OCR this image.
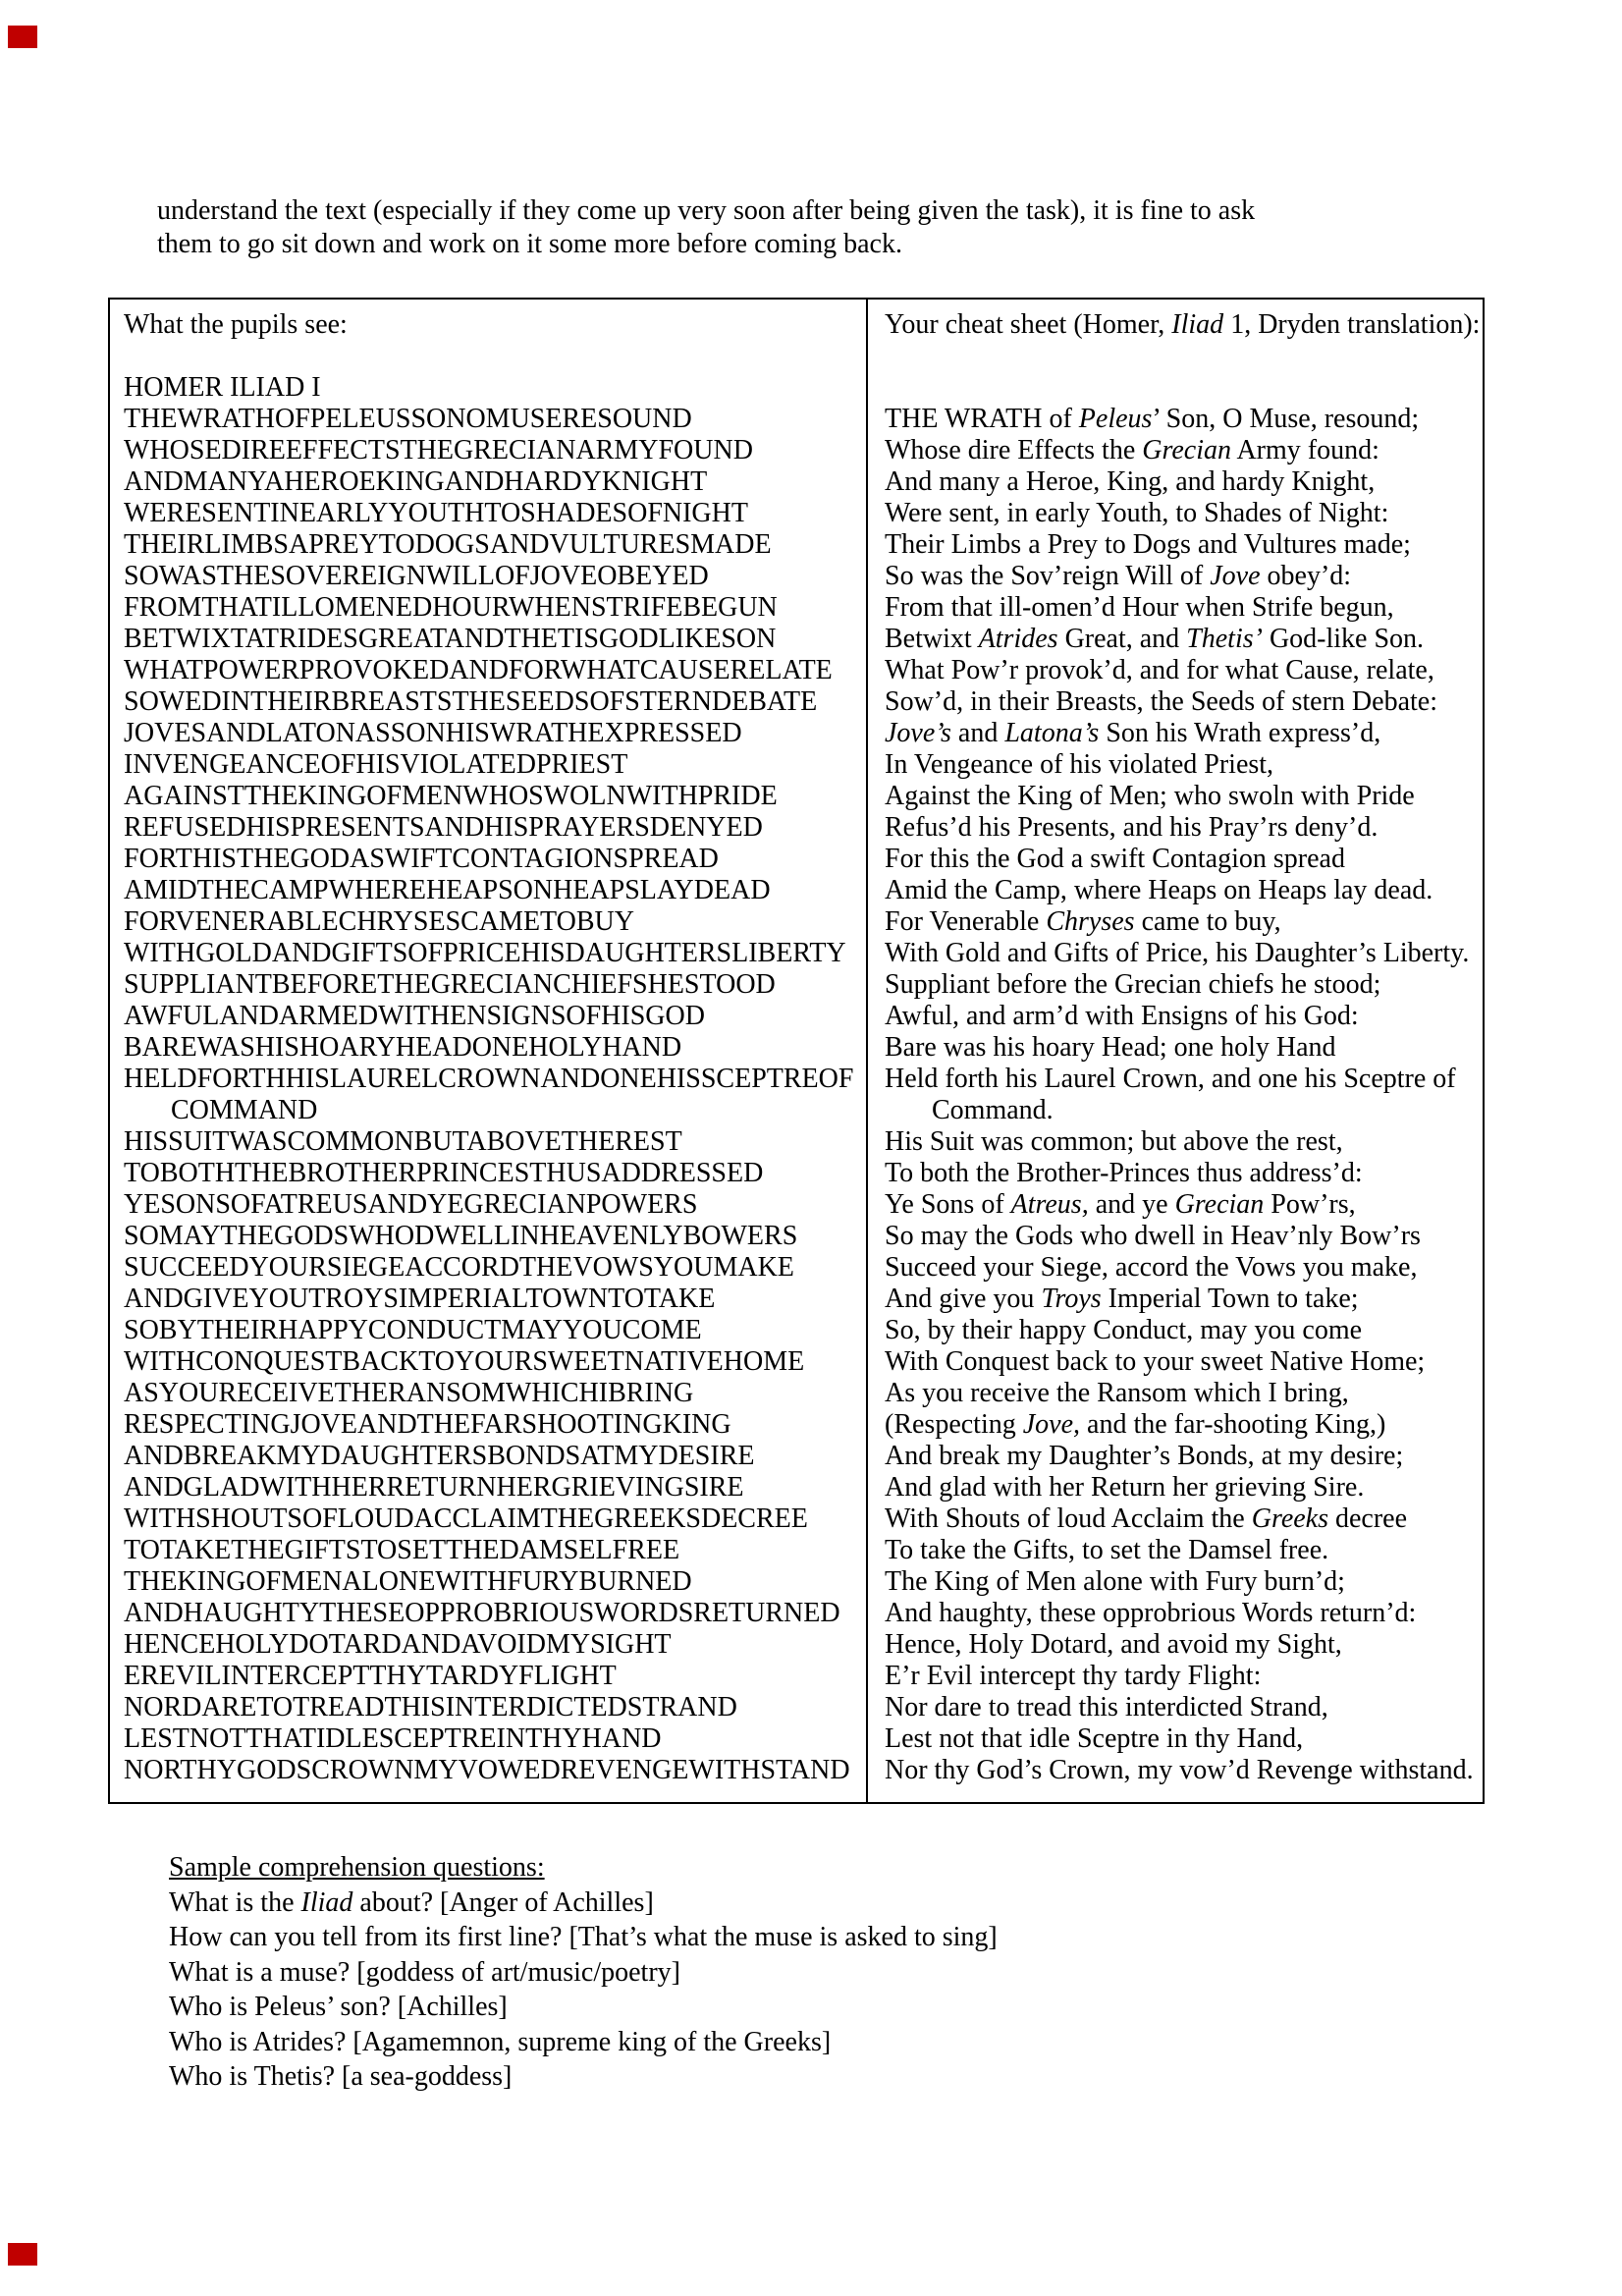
understand the text (especially if they come up very soon after being given the task), it is fine to ask
them to go sit down and work on it some more before coming back.
What the pupils see:

HOMER ILIAD I
THEWRATHOFPELEUSSONOMUSERESOUND
WHOSEDIREEFFECTSTHEGRECIANARMYFOUND
ANDMANYAHEROEKINGANDHARDYKNIGHT
WERESENTINEARLYYOUTHTOSHADESOFNIGHT
THEIRLIMBSAPREYTODOGSANDVULTURESMADE
SOWASTHESOVEREIGNWILLOFJOVEOBEYED
FROMTHATILLOMENEDHOURWHENSTRIFEBEGUN
BETWIXTATRIDESGREATANDTHETISGODLIKESON
WHATPOWERPROVOKEDANDFORWHATCAUSERELATE
SOWEDINTHEIRBREASTSTHESEEDSOFSTERNDEBATE
JOVESANDLATONASSONHISWRATHEXPRESSED
INVENGEANCEOFHISVIOLATEDPRIEST
AGAINSTTHEKINGOFMENWHOSWOLNWITHPRIDE
REFUSEDHISPRESENTSANDHISPRAYERSDENYED
FORTHISTHEGODASWIFTCONTAGIONSPREAD
AMIDTHECAMPWHEREHEAPSONHEAPSLAYDEAD
FORVENERABLECHRYSESCAMETOBUY
WITHGOLDANDGIFTSOFPRICEHISDAUGHTERSLIBERTY
SUPPLIANTBEFORETHEGRECIANCHIEFSHESTOOD
AWFULANDARMEDWITHENSIGNSOFHISGOD
BAREWASHISHOARYHEADONEHOLYHAND
HELDFORTHHISLAURELCROWNANDONEHISSCEPTREOF
COMMAND
HISSUITWASCOMMONBUTABOVETHEREST
TOBOTHTHEBROTHERPRINCESTHUSADDRESSED
YESONSOFATREUSANDYEGRECIANPOWERS
SOMAYTHEGODSWHODWELLINHEAVENLYBOWERS
SUCCEEDYOURSIEGEACCORDTHEVOWSYOUMAKE
ANDGIVEYOUTROYSIMPERIALTOWNTOTAKE
SOBYTHEIRHAPPYCONDUCTMAYYOUCOME
WITHCONQUESTBACKTOYOURSWEETNATIVEHOME
ASYOURECEIVETHERANSOMWHICHIBRING
RESPECTINGJOVEANDTHEFARSHOOTINGKING
ANDBREAKMYDAUGHTERSBONDSATMYDESIRE
ANDGLADWITHHERRETURNHERGRIEVINGSIRE
WITHSHOUTSOFLOUDACCLAIMTHEGREEKSDECREE
TOTAKETHEGIFTSTOSETTHEDAMSELFREE
THEKINGOFMENALONEWITHFURYBURNED
ANDHAUGHTYTHESEOPPROBRIOUSWORDSRETURNED
HENCEHOLYDOTARDANDAVOIDMYSIGHT
EREVILINTERCEPTTHYTARDYFLIGHT
NORDARETOTREADTHISINTERDICTEDSTRAND
LESTNOTTHATIDLESCEPTREINTHYHAND
NORTHYGODSCROWNMYVOWEDREVENGEWITHSTAND
Your cheat sheet (Homer, Iliad 1, Dryden translation):

THE WRATH of Peleus’ Son, O Muse, resound;
Whose dire Effects the Grecian Army found:
And many a Heroe, King, and hardy Knight,
Were sent, in early Youth, to Shades of Night:
Their Limbs a Prey to Dogs and Vultures made;
So was the Sov’reign Will of Jove obey’d:
From that ill-omen’d Hour when Strife begun,
Betwixt Atrides Great, and Thetis’ God-like Son.
What Pow’r provok’d, and for what Cause, relate,
Sow’d, in their Breasts, the Seeds of stern Debate:
Jove’s and Latona’s Son his Wrath express’d,
In Vengeance of his violated Priest,
Against the King of Men; who swoln with Pride
Refus’d his Presents, and his Pray’rs deny’d.
For this the God a swift Contagion spread
Amid the Camp, where Heaps on Heaps lay dead.
For Venerable Chryses came to buy,
With Gold and Gifts of Price, his Daughter’s Liberty.
Suppliant before the Grecian chiefs he stood;
Awful, and arm’d with Ensigns of his God:
Bare was his hoary Head; one holy Hand
Held forth his Laurel Crown, and one his Sceptre of
Command.
His Suit was common; but above the rest,
To both the Brother-Princes thus address’d:
Ye Sons of Atreus, and ye Grecian Pow’rs,
So may the Gods who dwell in Heav’nly Bow’rs
Succeed your Siege, accord the Vows you make,
And give you Troys Imperial Town to take;
So, by their happy Conduct, may you come
With Conquest back to your sweet Native Home;
As you receive the Ransom which I bring,
(Respecting Jove, and the far-shooting King,)
And break my Daughter’s Bonds, at my desire;
And glad with her Return her grieving Sire.
With Shouts of loud Acclaim the Greeks decree
To take the Gifts, to set the Damsel free.
The King of Men alone with Fury burn’d;
And haughty, these opprobrious Words return’d:
Hence, Holy Dotard, and avoid my Sight,
E’r Evil intercept thy tardy Flight:
Nor dare to tread this interdicted Strand,
Lest not that idle Sceptre in thy Hand,
Nor thy God’s Crown, my vow’d Revenge withstand.
Sample comprehension questions:
What is the Iliad about? [Anger of Achilles]
How can you tell from its first line? [That’s what the muse is asked to sing]
What is a muse? [goddess of art/music/poetry]
Who is Peleus’ son? [Achilles]
Who is Atrides? [Agamemnon, supreme king of the Greeks]
Who is Thetis? [a sea-goddess]
